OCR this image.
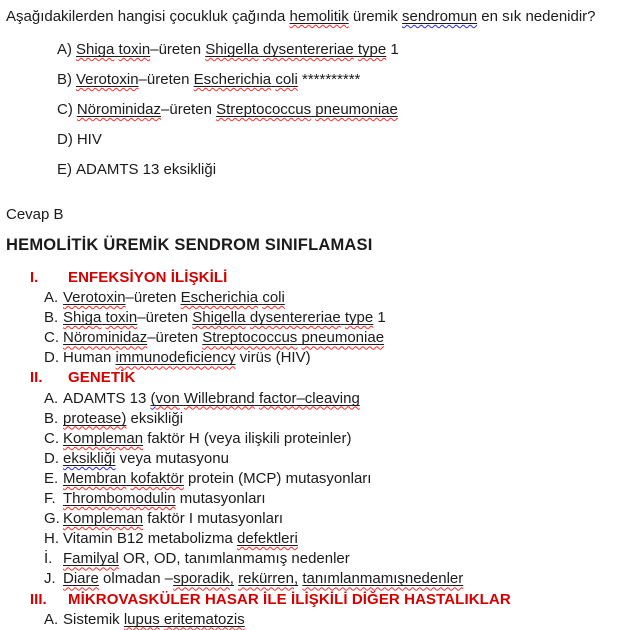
Aşağıdakilerden hangisi çocukluk çağında hemolitik üremik sendromun en sık nedenidir?
A) Shiga toxin–üreten Shigella dysentereriae type 1
B) Verotoxin–üreten Escherichia coli **********
C) Nörominidaz–üreten Streptococcus pneumoniae
D) HIV
E) ADAMTS 13 eksikliği
Cevap B
HEMOLİTİK ÜREMİK SENDROM SINIFLAMASI
I. ENFEKSİYON İLİŞKİLİ
A. Verotoxin–üreten Escherichia coli
B. Shiga toxin–üreten Shigella dysentereriae type 1
C. Nörominidaz–üreten Streptococcus pneumoniae
D. Human immunodeficiency virüs (HIV)
II. GENETİK
A. ADAMTS 13 (von Willebrand factor–cleaving
B. protease) eksikliği
C. Kompleman faktör H (veya ilişkili proteinler)
D. eksikliği veya mutasyonu
E. Membran kofaktör protein (MCP) mutasyonları
F. Thrombomodulin mutasyonları
G. Kompleman faktör I mutasyonları
H. Vitamin B12 metabolizma defektleri
İ. Familyal OR, OD, tanımlanmamış nedenler
J. Diare olmadan –sporadik, rekürren, tanımlanmamışnedenler
III. MİKROVASKÜLER HASAR İLE İLİŞKİLİ DİĞER HASTALIKLAR
A. Sistemik lupus eritematozis
